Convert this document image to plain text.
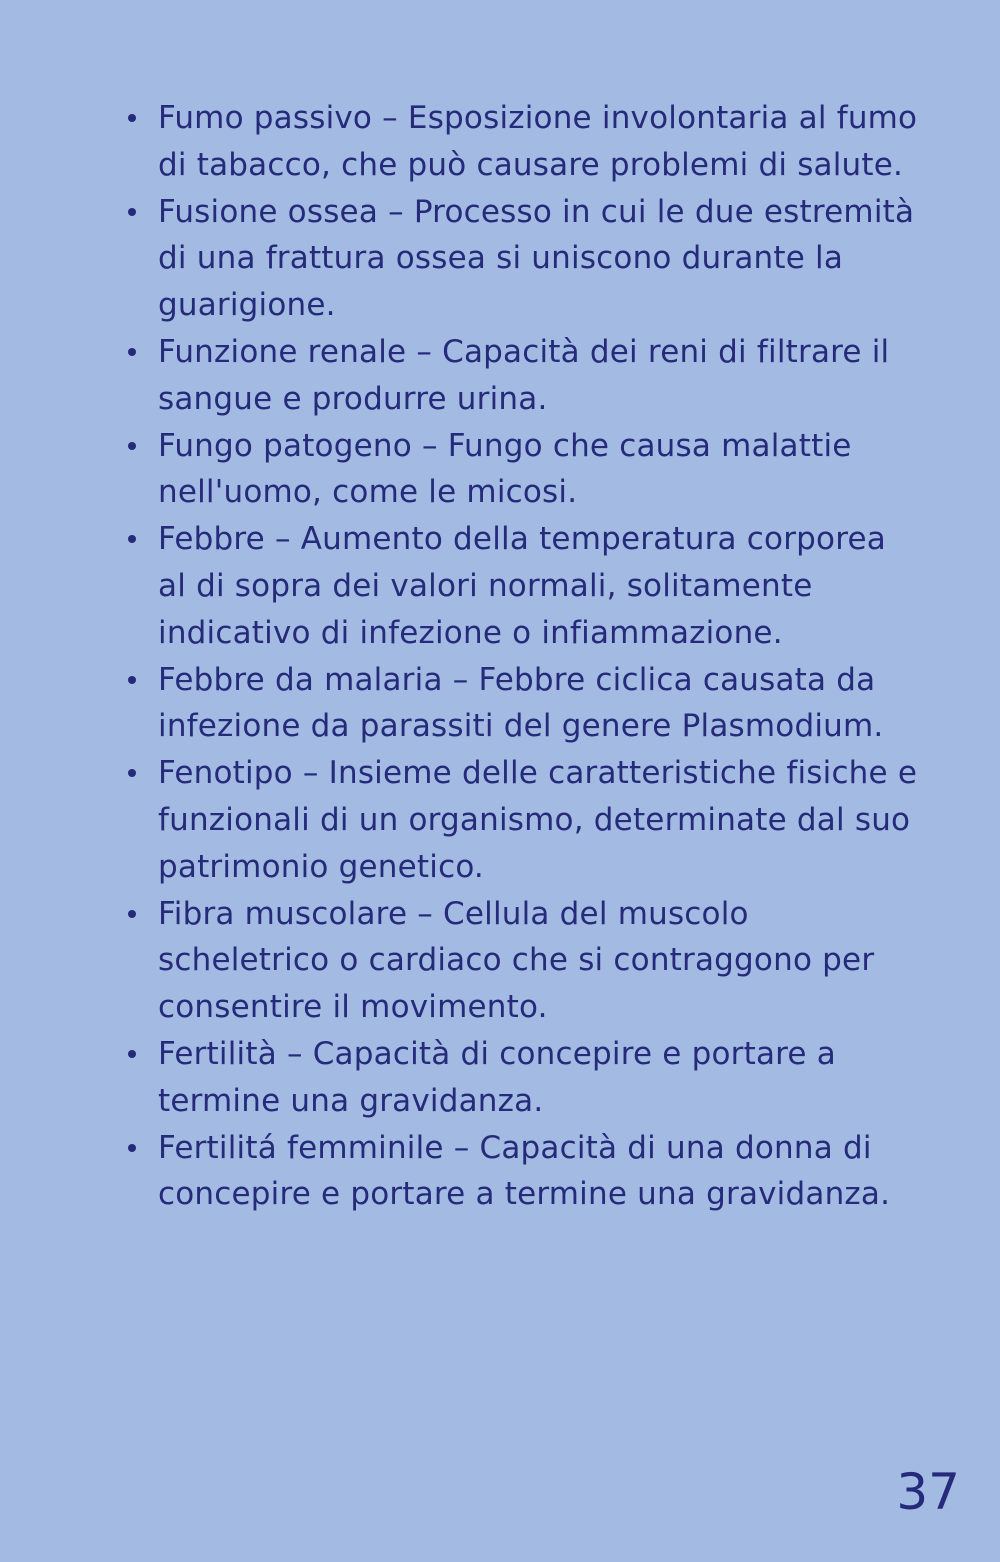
Fumo passivo – Esposizione involontaria al fumo di tabacco, che può causare problemi di salute.
Fusione ossea – Processo in cui le due estremità di una frattura ossea si uniscono durante la guarigione.
Funzione renale – Capacità dei reni di filtrare il sangue e produrre urina.
Fungo patogeno – Fungo che causa malattie nell'uomo, come le micosi.
Febbre – Aumento della temperatura corporea al di sopra dei valori normali, solitamente indicativo di infezione o infiammazione.
Febbre da malaria – Febbre ciclica causata da infezione da parassiti del genere Plasmodium.
Fenotipo – Insieme delle caratteristiche fisiche e funzionali di un organismo, determinate dal suo patrimonio genetico.
Fibra muscolare – Cellula del muscolo scheletrico o cardiaco che si contraggono per consentire il movimento.
Fertilità – Capacità di concepire e portare a termine una gravidanza.
Fertilitá femminile – Capacità di una donna di concepire e portare a termine una gravidanza.
37
